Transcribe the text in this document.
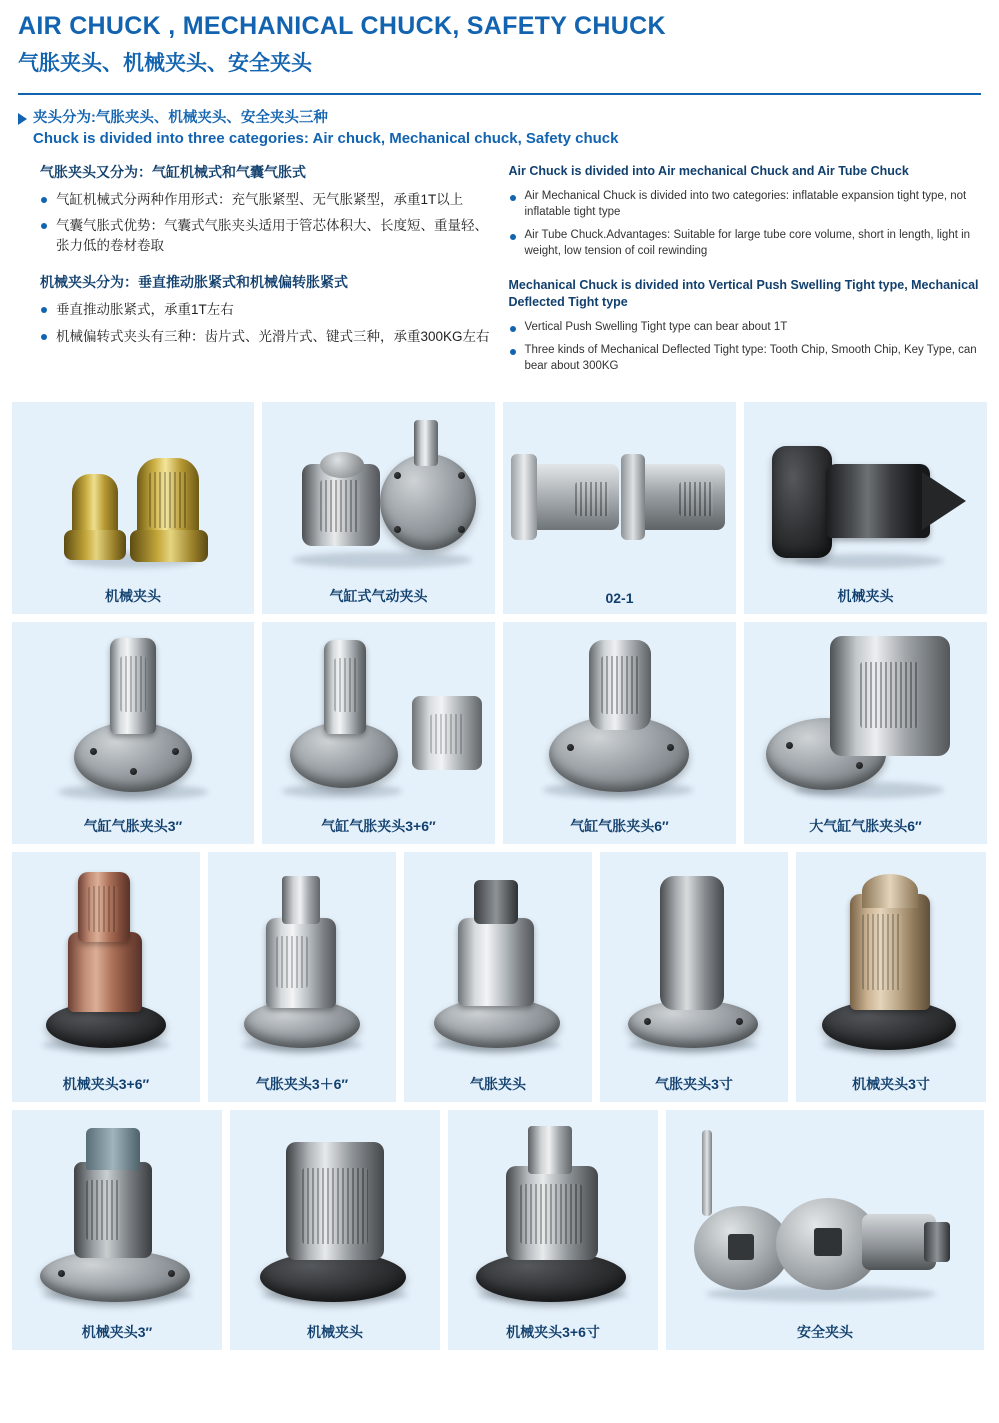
AIR CHUCK , MECHANICAL CHUCK, SAFETY CHUCK
气胀夹头、机械夹头、安全夹头
夹头分为:气胀夹头、机械夹头、安全夹头三种
Chuck is divided into three categories: Air chuck, Mechanical chuck, Safety chuck
气胀夹头又分为：气缸机械式和气囊气胀式
气缸机械式分两种作用形式：充气胀紧型、无气胀紧型，承重1T以上
气囊气胀式优势：气囊式气胀夹头适用于管芯体积大、长度短、重量轻、张力低的卷材卷取
机械夹头分为：垂直推动胀紧式和机械偏转胀紧式
垂直推动胀紧式，承重1T左右
机械偏转式夹头有三种：齿片式、光滑片式、键式三种，承重300KG左右
Air Chuck is divided into Air mechanical Chuck and Air Tube Chuck
Air Mechanical Chuck is divided into two categories: inflatable expansion tight type, not inflatable tight type
Air Tube Chuck.Advantages: Suitable for large tube core volume, short in length, light in weight, low tension of coil rewinding
Mechanical Chuck is divided into Vertical Push Swelling Tight type, Mechanical Deflected Tight type
Vertical Push Swelling Tight type can bear about 1T
Three kinds of Mechanical Deflected Tight type: Tooth Chip, Smooth Chip, Key Type, can bear about 300KG
机械夹头	气缸式气动夹头	02-1	机械夹头
气缸气胀夹头3″	气缸气胀夹头3+6″	气缸气胀夹头6″	大气缸气胀夹头6″
机械夹头3+6″	气胀夹头3＋6″	气胀夹头	气胀夹头3寸	机械夹头3寸
机械夹头3″	机械夹头	机械夹头3+6寸	安全夹头
